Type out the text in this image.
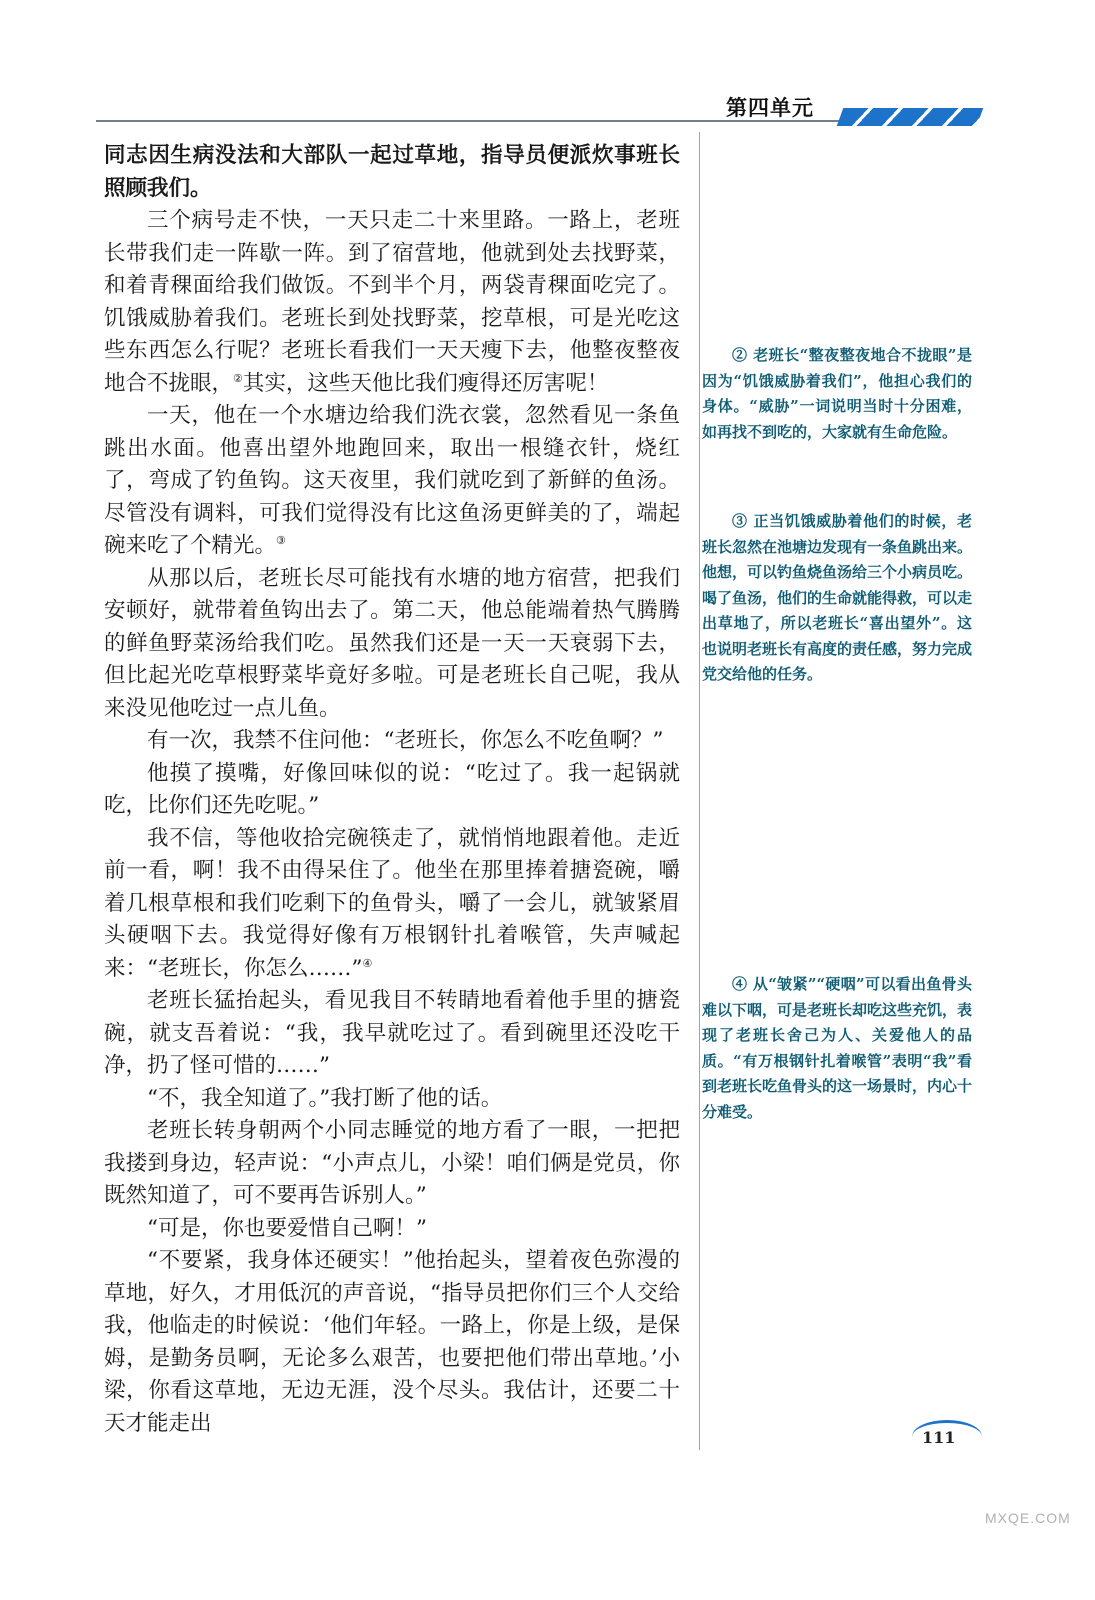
第四单元

同志因生病没法和大部队一起过草地，指导员便派炊事班长照顾我们。

三个病号走不快，一天只走二十来里路。一路上，老班长带我们走一阵歇一阵。到了宿营地，他就到处去找野菜，和着青稞面给我们做饭。不到半个月，两袋青稞面吃完了。饥饿威胁着我们。老班长到处找野菜，挖草根，可是光吃这些东西怎么行呢？老班长看我们一天天瘦下去，他整夜整夜地合不拢眼，②其实，这些天他比我们瘦得还厉害呢！

一天，他在一个水塘边给我们洗衣裳，忽然看见一条鱼跳出水面。他喜出望外地跑回来，取出一根缝衣针，烧红了，弯成了钓鱼钩。这天夜里，我们就吃到了新鲜的鱼汤。尽管没有调料，可我们觉得没有比这鱼汤更鲜美的了，端起碗来吃了个精光。③

从那以后，老班长尽可能找有水塘的地方宿营，把我们安顿好，就带着鱼钩出去了。第二天，他总能端着热气腾腾的鲜鱼野菜汤给我们吃。虽然我们还是一天一天衰弱下去，但比起光吃草根野菜毕竟好多啦。可是老班长自己呢，我从来没见他吃过一点儿鱼。

有一次，我禁不住问他：“老班长，你怎么不吃鱼啊？”

他摸了摸嘴，好像回味似的说：“吃过了。我一起锅就吃，比你们还先吃呢。”

我不信，等他收拾完碗筷走了，就悄悄地跟着他。走近前一看，啊！我不由得呆住了。他坐在那里捧着搪瓷碗，嚼着几根草根和我们吃剩下的鱼骨头，嚼了一会儿，就皱紧眉头硬咽下去。我觉得好像有万根钢针扎着喉管，失声喊起来：“老班长，你怎么……”④

老班长猛抬起头，看见我目不转睛地看着他手里的搪瓷碗，就支吾着说：“我，我早就吃过了。看到碗里还没吃干净，扔了怪可惜的……”

“不，我全知道了。”我打断了他的话。

老班长转身朝两个小同志睡觉的地方看了一眼，一把把我搂到身边，轻声说：“小声点儿，小梁！咱们俩是党员，你既然知道了，可不要再告诉别人。”

“可是，你也要爱惜自己啊！”

“不要紧，我身体还硬实！”他抬起头，望着夜色弥漫的草地，好久，才用低沉的声音说，“指导员把你们三个人交给我，他临走的时候说：‘他们年轻。一路上，你是上级，是保姆，是勤务员啊，无论多么艰苦，也要把他们带出草地。’小梁，你看这草地，无边无涯，没个尽头。我估计，还要二十天才能走出

② 老班长“整夜整夜地合不拢眼”是因为“饥饿威胁着我们”，他担心我们的身体。“威胁”一词说明当时十分困难，如再找不到吃的，大家就有生命危险。

③ 正当饥饿威胁着他们的时候，老班长忽然在池塘边发现有一条鱼跳出来。他想，可以钓鱼烧鱼汤给三个小病员吃。喝了鱼汤，他们的生命就能得救，可以走出草地了，所以老班长“喜出望外”。这也说明老班长有高度的责任感，努力完成党交给他的任务。

④ 从“皱紧”“硬咽”可以看出鱼骨头难以下咽，可是老班长却吃这些充饥，表现了老班长舍己为人、关爱他人的品质。“有万根钢针扎着喉管”表明“我”看到老班长吃鱼骨头的这一场景时，内心十分难受。

111
MXQE.COM
